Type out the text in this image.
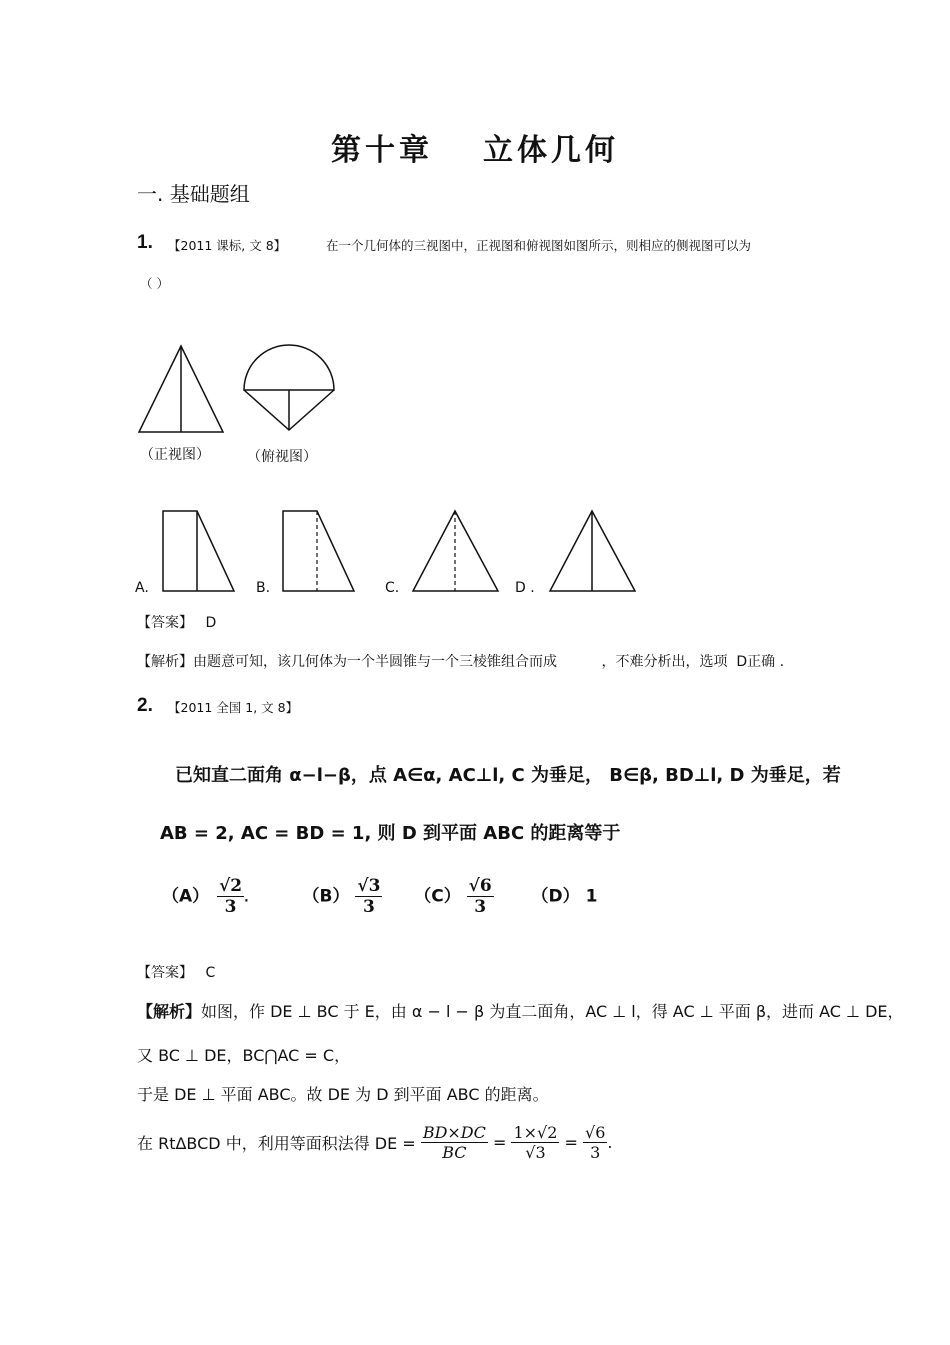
第十章 立体几何
一. 基础题组
1. 【2011 课标, 文 8】	在一个几何体的三视图中，正视图和俯视图如图所示，则相应的侧视图可以为
（ ）
（正视图）	（俯视图）
A.	B.	C.	D .
【答案】 D
【解析】由题意可知，该几何体为一个半圆锥与一个三棱锥组合而成          ，不难分析出，选项  D正确 .
2. 【2011 全国 1, 文 8】
已知直二面角 α−l−β，点 A∈α, AC⊥l, C 为垂足， B∈β, BD⊥l, D 为垂足，若
AB = 2, AC = BD = 1, 则 D 到平面 ABC 的距离等于
$(A) \frac{√2}{3}$ .	$(B) \frac{√3}{3} (C) \frac{√6}{3} (D)$ 1
【答案】 C
【解析】如图，作 DE ⊥ BC 于 E，由 α − l − β 为直二面角，AC ⊥ l，得 AC ⊥ 平面 β，进而 AC ⊥ DE，
又 BC ⊥ DE，BC⋂AC = C，
于是 DE ⊥ 平面 ABC。故 DE 为 D 到平面 ABC 的距离。
在 RtΔBCD 中，利用等面积法得 DE = $\frac{BD\times DC}{BC} = \frac{1\times√2}{√3} = \frac{√6}{3}$ .
